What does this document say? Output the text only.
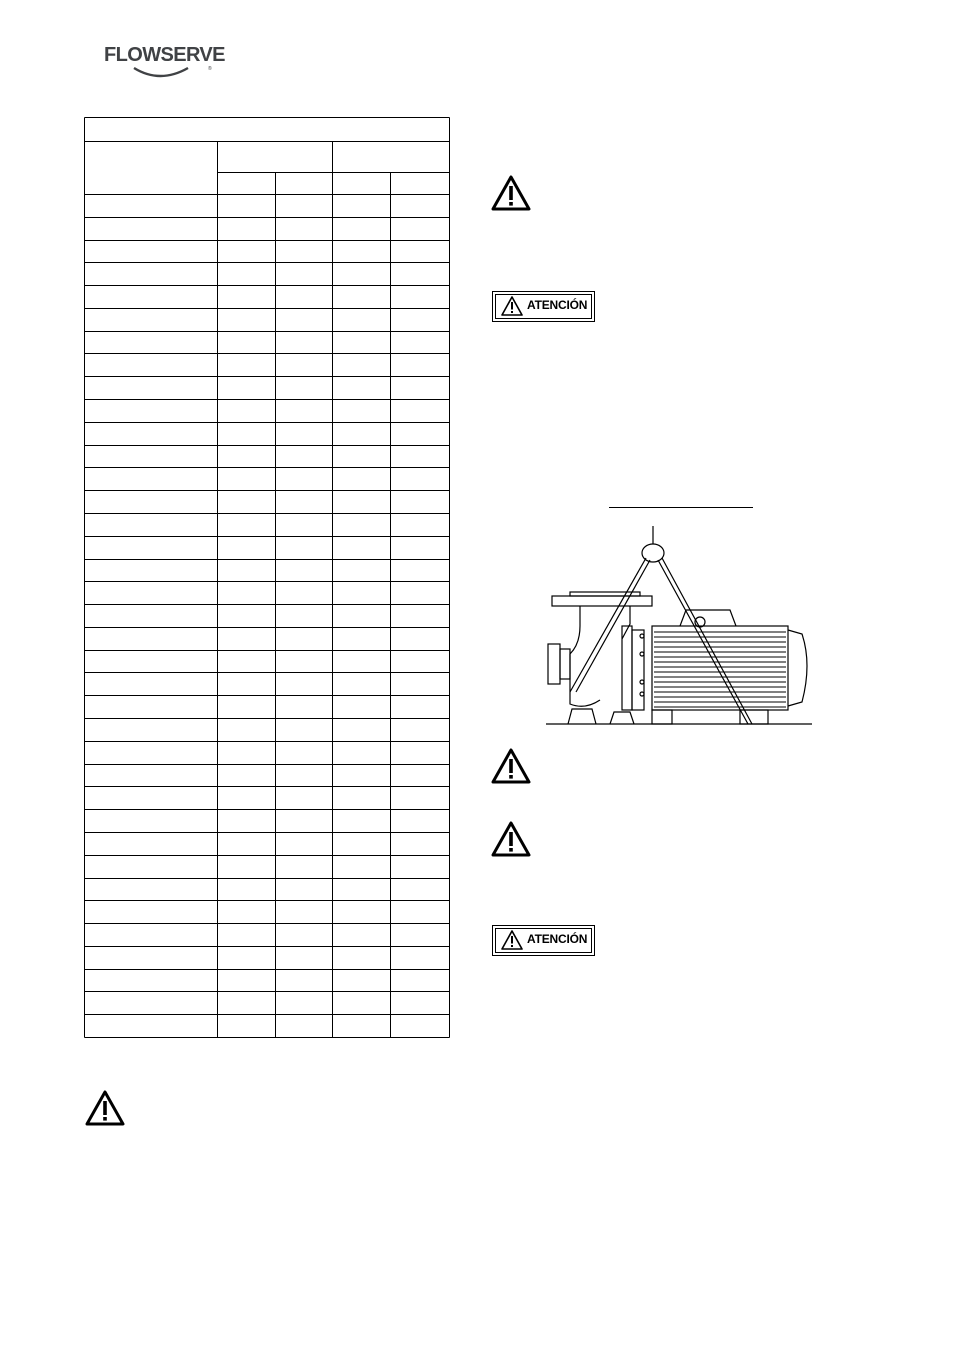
FLOWSERVE
®
ATENCIÓN
ATENCIÓN
